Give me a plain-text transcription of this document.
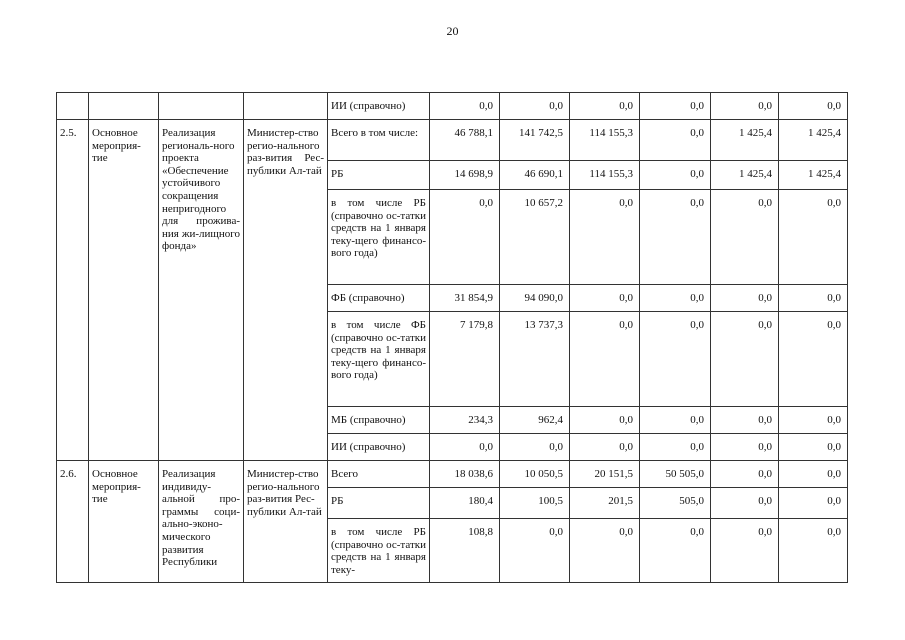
20
				ИИ (справочно)	0,0	0,0	0,0	0,0	0,0	0,0
2.5.	Основное мероприя-тие	Реализация региональ-ного проекта «Обеспечение устойчивого сокращения непригодного для прожива-ния жи-лищного фонда»	Министер-ство регио-нального раз-вития Рес-публики Ал-тай	Всего в том числе:	46 788,1	141 742,5	114 155,3	0,0	1 425,4	1 425,4
				РБ	14 698,9	46 690,1	114 155,3	0,0	1 425,4	1 425,4
				в том числе РБ (справочно ос-татки средств на 1 января теку-щего финансо-вого года)	0,0	10 657,2	0,0	0,0	0,0	0,0
				ФБ (справочно)	31 854,9	94 090,0	0,0	0,0	0,0	0,0
				в том числе ФБ (справочно ос-татки средств на 1 января теку-щего финансо-вого года)	7 179,8	13 737,3	0,0	0,0	0,0	0,0
				МБ (справочно)	234,3	962,4	0,0	0,0	0,0	0,0
				ИИ (справочно)	0,0	0,0	0,0	0,0	0,0	0,0
2.6.	Основное мероприя-тие	Реализация индивиду-альной про-граммы соци-ально-эконо-мического развития Республики	Министер-ство регио-нального раз-вития Рес-публики Ал-тай	Всего	18 038,6	10 050,5	20 151,5	50 505,0	0,0	0,0
				РБ	180,4	100,5	201,5	505,0	0,0	0,0
				в том числе РБ (справочно ос-татки средств на 1 января теку-	108,8	0,0	0,0	0,0	0,0	0,0
